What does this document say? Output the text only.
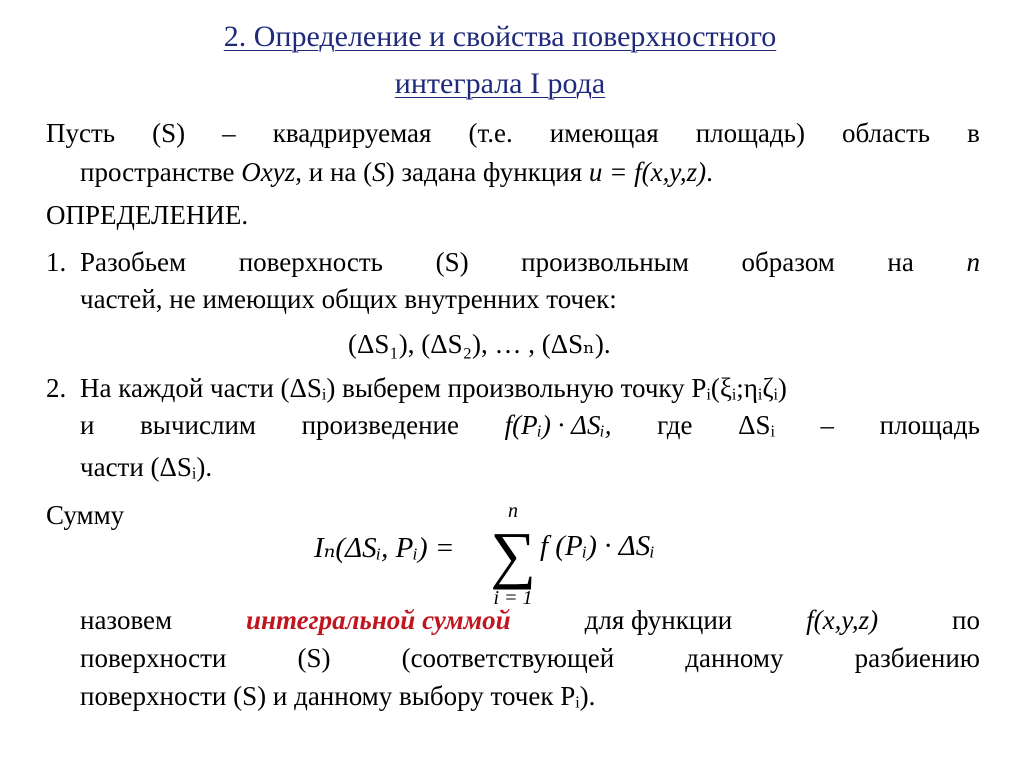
2. Определение и свойства поверхностного
интеграла I рода
Пусть (S) – квадрируемая (т.е. имеющая площадь) область в
пространстве Oxyz, и на (S) задана функция u = f(x,y,z).
ОПРЕДЕЛЕНИЕ.
1. Разобьем поверхность (S) произвольным образом на n
частей, не имеющих общих внутренних точек:
(ΔS₁), (ΔS₂), … , (ΔSₙ).
2. На каждой части (ΔSᵢ) выберем произвольную точку Pᵢ(ξᵢ;ηᵢζᵢ)
и вычислим произведение f(Pᵢ) · ΔSᵢ, где ΔSᵢ – площадь
части (ΔSᵢ).
Сумму
Iₙ(ΔSᵢ, Pᵢ) =
n
∑
i = 1
f (Pᵢ) · ΔSᵢ
назовем	интегральной суммой	для функции	f(x,y,z)	по
поверхности	(S)	(соответствующей	данному	разбиению
поверхности (S) и данному выбору точек Pᵢ).
